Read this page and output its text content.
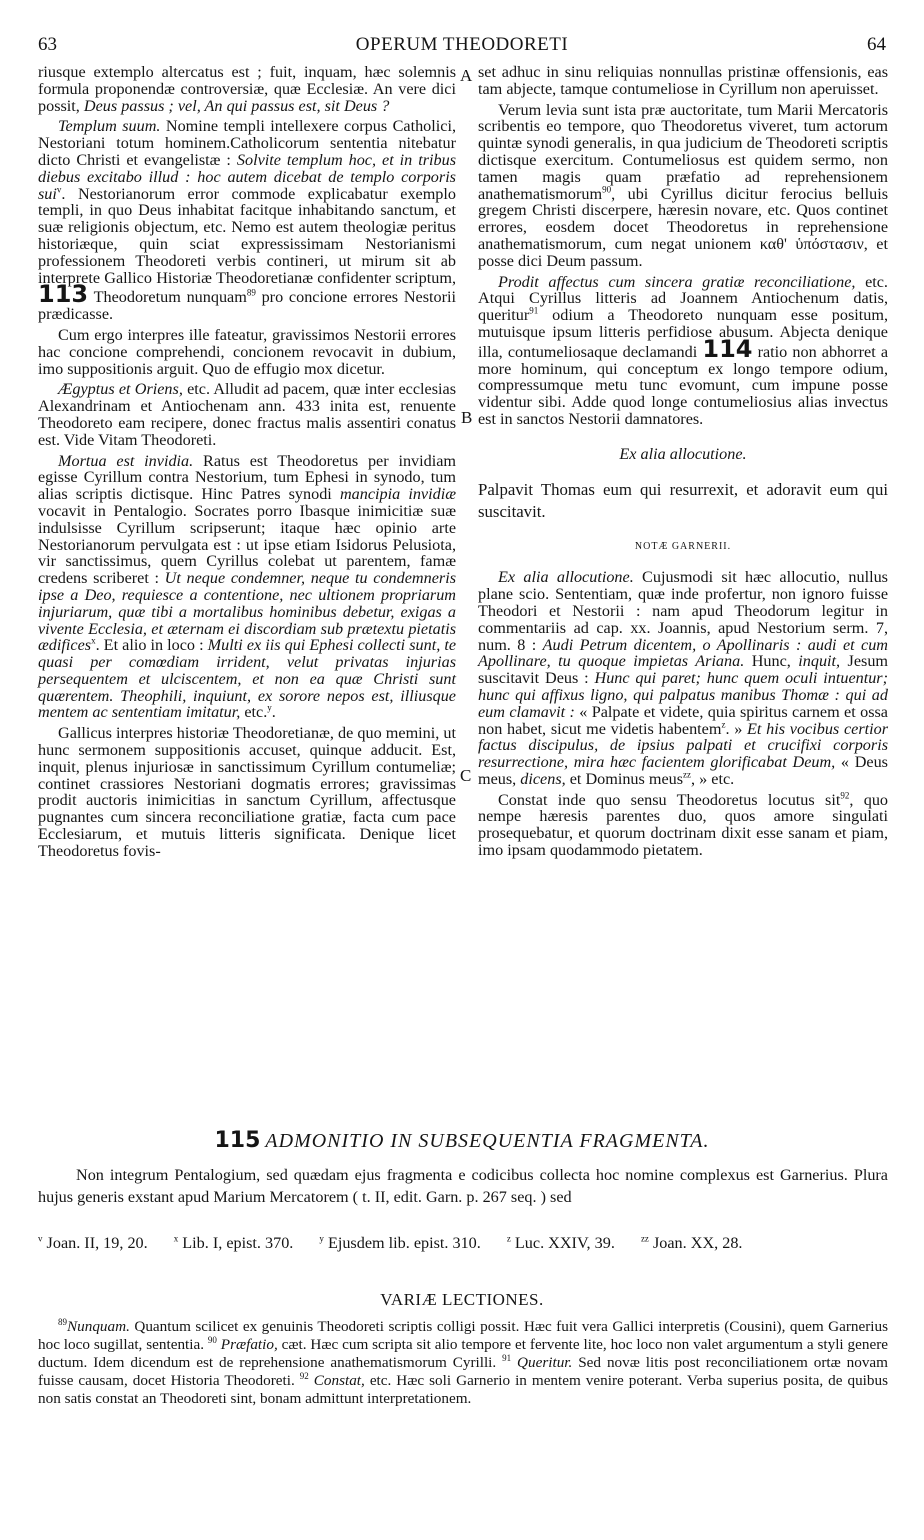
63	OPERUM THEODORETI	64
A
B
C

riusque extemplo altercatus est ; fuit, inquam, hæc solemnis formula proponendæ controversiæ, quæ Ecclesiæ. An vere dici possit, Deus passus ; vel, An qui passus est, sit Deus ?

Templum suum. Nomine templi intellexere corpus Catholici, Nestoriani totum hominem.Catholicorum sententia nitebatur dicto Christi et evangelistæ : Solvite templum hoc, et in tribus diebus excitabo illud : hoc autem dicebat de templo corporis sui$^v$. Nestorianorum error commode explicabatur exemplo templi, in quo Deus inhabitat facitque inhabitando sanctum, et suæ religionis objectum, etc. Nemo est autem theologiæ peritus historiæque, quin sciat expressissimam Nestorianismi professionem Theodoreti verbis contineri, ut mirum sit ab interprete Gallico Historiæ Theodoretianæ confidenter scriptum, 113 Theodoretum nunquam$^{89}$ pro concione errores Nestorii prædicasse.

Cum ergo interpres ille fateatur, gravissimos Nestorii errores hac concione comprehendi, concionem revocavit in dubium, imo suppositionis arguit. Quo de effugio mox dicetur.

Ægyptus et Oriens, etc. Alludit ad pacem, quæ inter ecclesias Alexandrinam et Antiochenam ann. 433 inita est, renuente Theodoreto eam recipere, donec fractus malis assentiri conatus est. Vide Vitam Theodoreti.

Mortua est invidia. Ratus est Theodoretus per invidiam egisse Cyrillum contra Nestorium, tum Ephesi in synodo, tum alias scriptis dictisque. Hinc Patres synodi mancipia invidiæ vocavit in Pentalogio. Socrates porro Ibasque inimicitiæ suæ indulsisse Cyrillum scripserunt; itaque hæc opinio arte Nestorianorum pervulgata est : ut ipse etiam Isidorus Pelusiota, vir sanctissimus, quem Cyrillus colebat ut parentem, famæ credens scriberet : Ut neque condemner, neque tu condemneris ipse a Deo, requiesce a contentione, nec ultionem propriarum injuriarum, quæ tibi a mortalibus hominibus debetur, exigas a vivente Ecclesia, et æternam ei discordiam sub prætextu pietatis ædifices$^x$. Et alio in loco : Multi ex iis qui Ephesi collecti sunt, te quasi per comœdiam irrident, velut privatas injurias persequentem et ulciscentem, et non ea quæ Christi sunt quærentem. Theophili, inquiunt, ex sorore nepos est, illiusque mentem ac sententiam imitatur, etc.$^y$.

Gallicus interpres historiæ Theodoretianæ, de quo memini, ut hunc sermonem suppositionis accuset, quinque adducit. Est, inquit, plenus injuriosæ in sanctissimum Cyrillum contumeliæ; continet crassiores Nestoriani dogmatis errores; gravissimas prodit auctoris inimicitias in sanctum Cyrillum, affectusque pugnantes cum sincera reconciliatione gratiæ, facta cum pace Ecclesiarum, et mutuis litteris significata. Denique licet Theodoretus fovis-

set adhuc in sinu reliquias nonnullas pristinæ offensionis, eas tam abjecte, tamque contumeliose in Cyrillum non aperuisset.

Verum levia sunt ista præ auctoritate, tum Marii Mercatoris scribentis eo tempore, quo Theodoretus viveret, tum actorum quintæ synodi generalis, in qua judicium de Theodoreti scriptis dictisque exercitum. Contumeliosus est quidem sermo, non tamen magis quam præfatio ad reprehensionem anathematismorum$^{90}$, ubi Cyrillus dicitur ferocius belluis gregem Christi discerpere, hæresin novare, etc. Quos continet errores, eosdem docet Theodoretus in reprehensione anathematismorum, cum negat unionem καθ' ὑπόστασιν, et posse dici Deum passum.

Prodit affectus cum sincera gratiæ reconciliatione, etc. Atqui Cyrillus litteris ad Joannem Antiochenum datis, queritur$^{91}$ odium a Theodoreto nunquam esse positum, mutuisque ipsum litteris perfidiose abusum. Abjecta denique illa, contumeliosaque declamandi 114 ratio non abhorret a more hominum, qui conceptum ex longo tempore odium, compressumque metu tunc evomunt, cum impune posse videntur sibi. Adde quod longe contumeliosius alias invectus est in sanctos Nestorii damnatores.

Ex alia allocutione.

Palpavit Thomas eum qui resurrexit, et adoravit eum qui suscitavit.

NOTÆ GARNERII.

Ex alia allocutione. Cujusmodi sit hæc allocutio, nullus plane scio. Sententiam, quæ inde profertur, non ignoro fuisse Theodori et Nestorii : nam apud Theodorum legitur in commentariis ad cap. xx. Joannis, apud Nestorium serm. 7, num. 8 : Audi Petrum dicentem, o Apollinaris : audi et cum Apollinare, tu quoque impietas Ariana. Hunc, inquit, Jesum suscitavit Deus : Hunc qui paret; hunc quem oculi intuentur; hunc qui affixus ligno, qui palpatus manibus Thomæ : qui ad eum clamavit : « Palpate et videte, quia spiritus carnem et ossa non habet, sicut me videtis habentem$^z$. » Et his vocibus certior factus discipulus, de ipsius palpati et crucifixi corporis resurrectione, mira hæc facientem glorificabat Deum, « Deus meus, dicens, et Dominus meus$^{zz}$, » etc.

Constat inde quo sensu Theodoretus locutus sit$^{92}$, quo nempe hæresis parentes duo, quos amore singulati prosequebatur, et quorum doctrinam dixit esse sanam et piam, imo ipsam quodammodo pietatem.

115 ADMONITIO IN SUBSEQUENTIA FRAGMENTA.

Non integrum Pentalogium, sed quædam ejus fragmenta e codicibus collecta hoc nomine complexus est Garnerius. Plura hujus generis exstant apud Marium Mercatorem ( t. II, edit. Garn. p. 267 seq. ) sed

$^v$ Joan. II, 19, 20.	$^x$ Lib. I, epist. 370.	$^y$ Ejusdem lib. epist. 310.	$^z$ Luc. XXIV, 39.	$^{zz}$ Joan. XX, 28.
VARIÆ LECTIONES.

$^{89}$Nunquam. Quantum scilicet ex genuinis Theodoreti scriptis colligi possit. Hæc fuit vera Gallici interpretis (Cousini), quem Garnerius hoc loco sugillat, sententia. $^{90}$ Præfatio, cæt. Hæc cum scripta sit alio tempore et fervente lite, hoc loco non valet argumentum a styli genere ductum. Idem dicendum est de reprehensione anathematismorum Cyrilli. $^{91}$ Queritur. Sed novæ litis post reconciliationem ortæ novam fuisse causam, docet Historia Theodoreti. $^{92}$ Constat, etc. Hæc soli Garnerio in mentem venire poterant. Verba superius posita, de quibus non satis constat an Theodoreti sint, bonam admittunt interpretationem.
